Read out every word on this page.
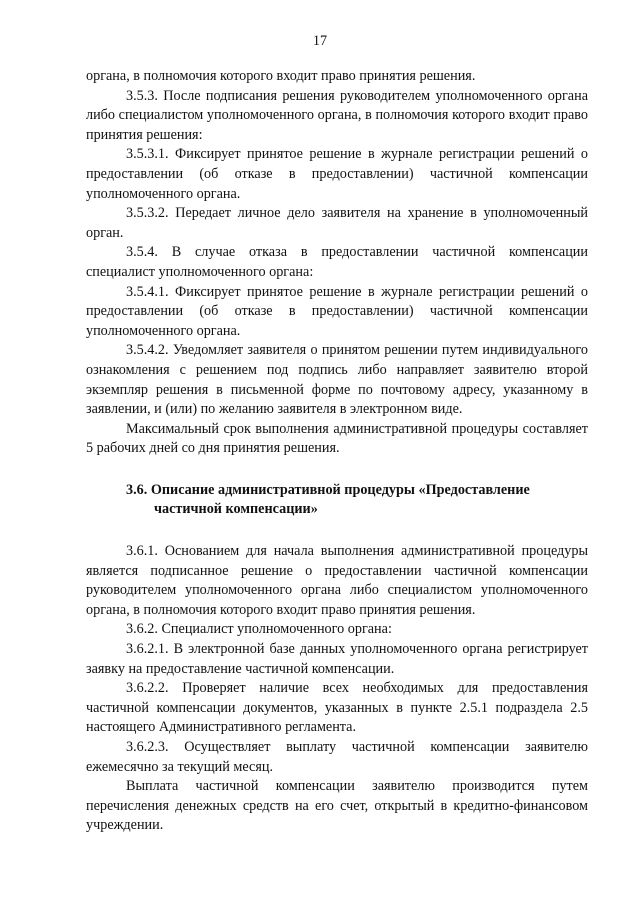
17

органа, в полномочия которого входит право принятия решения.

3.5.3. После подписания решения руководителем уполномоченного органа либо специалистом уполномоченного органа, в полномочия которого входит право принятия решения:

3.5.3.1. Фиксирует принятое решение в журнале регистрации решений о предоставлении (об отказе в предоставлении) частичной компенсации уполномоченного органа.

3.5.3.2. Передает личное дело заявителя на хранение в уполномоченный орган.

3.5.4. В случае отказа в предоставлении частичной компенсации специалист уполномоченного органа:

3.5.4.1. Фиксирует принятое решение в журнале регистрации решений о предоставлении (об отказе в предоставлении) частичной компенсации уполномоченного органа.

3.5.4.2. Уведомляет заявителя о принятом решении путем индивидуального ознакомления с решением под подпись либо направляет заявителю второй экземпляр решения в письменной форме по почтовому адресу, указанному в заявлении, и (или) по желанию заявителя в электронном виде.

Максимальный срок выполнения административной процедуры составляет 5 рабочих дней со дня принятия решения.

3.6. Описание административной процедуры «Предоставление
частичной компенсации»

3.6.1. Основанием для начала выполнения административной процедуры является подписанное решение о предоставлении частичной компенсации руководителем уполномоченного органа либо специалистом уполномоченного органа, в полномочия которого входит право принятия решения.

3.6.2. Специалист уполномоченного органа:

3.6.2.1. В электронной базе данных уполномоченного органа регистрирует заявку на предоставление частичной компенсации.

3.6.2.2. Проверяет наличие всех необходимых для предоставления частичной компенсации документов, указанных в пункте 2.5.1 подраздела 2.5 настоящего Административного регламента.

3.6.2.3. Осуществляет выплату частичной компенсации заявителю ежемесячно за текущий месяц.

Выплата частичной компенсации заявителю производится путем перечисления денежных средств на его счет, открытый в кредитно-финансовом учреждении.
